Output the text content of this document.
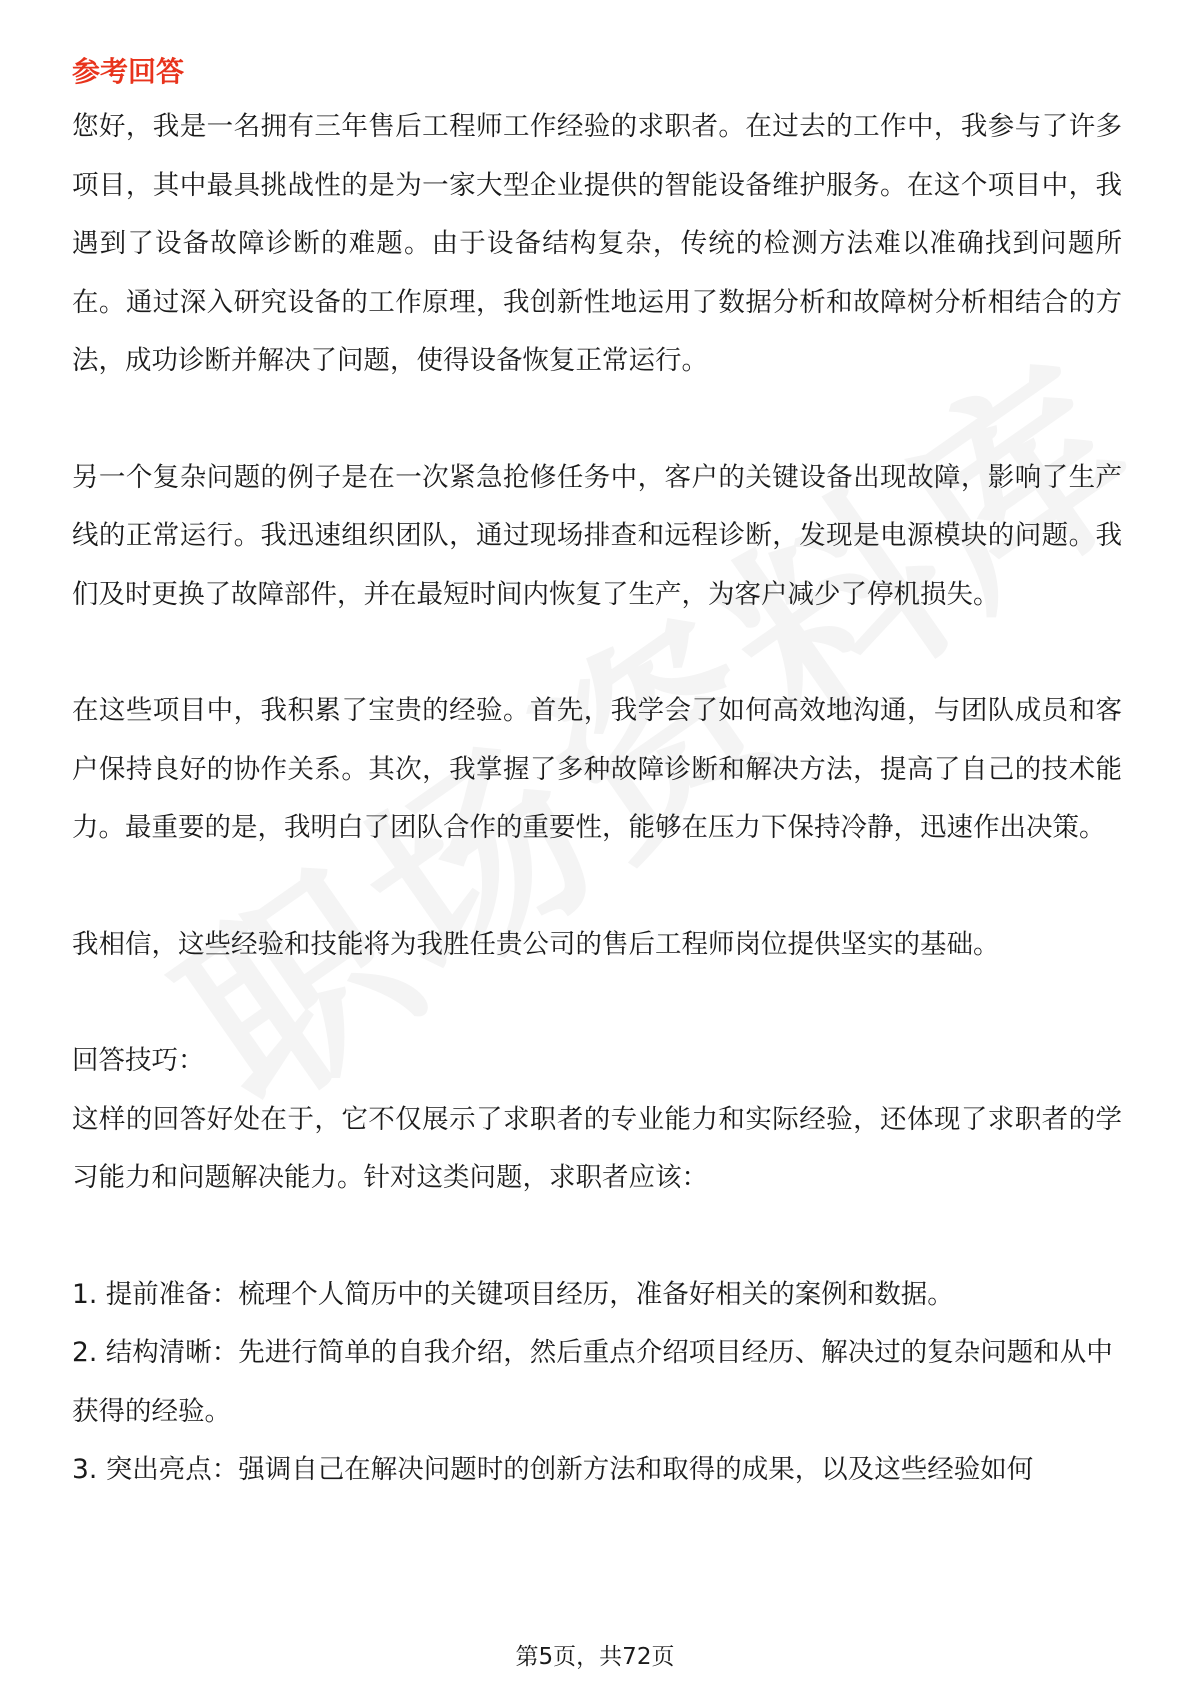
参考回答

您好，我是一名拥有三年售后工程师工作经验的求职者。在过去的工作中，我参与了许多项目，其中最具挑战性的是为一家大型企业提供的智能设备维护服务。在这个项目中，我遇到了设备故障诊断的难题。由于设备结构复杂，传统的检测方法难以准确找到问题所在。通过深入研究设备的工作原理，我创新性地运用了数据分析和故障树分析相结合的方法，成功诊断并解决了问题，使得设备恢复正常运行。

另一个复杂问题的例子是在一次紧急抢修任务中，客户的关键设备出现故障，影响了生产线的正常运行。我迅速组织团队，通过现场排查和远程诊断，发现是电源模块的问题。我们及时更换了故障部件，并在最短时间内恢复了生产，为客户减少了停机损失。

在这些项目中，我积累了宝贵的经验。首先，我学会了如何高效地沟通，与团队成员和客户保持良好的协作关系。其次，我掌握了多种故障诊断和解决方法，提高了自己的技术能力。最重要的是，我明白了团队合作的重要性，能够在压力下保持冷静，迅速作出决策。

我相信，这些经验和技能将为我胜任贵公司的售后工程师岗位提供坚实的基础。

回答技巧：

这样的回答好处在于，它不仅展示了求职者的专业能力和实际经验，还体现了求职者的学习能力和问题解决能力。针对这类问题，求职者应该：

1. 提前准备：梳理个人简历中的关键项目经历，准备好相关的案例和数据。

2. 结构清晰：先进行简单的自我介绍，然后重点介绍项目经历、解决过的复杂问题和从中获得的经验。

3. 突出亮点：强调自己在解决问题时的创新方法和取得的成果，以及这些经验如何

第5页，共72页
